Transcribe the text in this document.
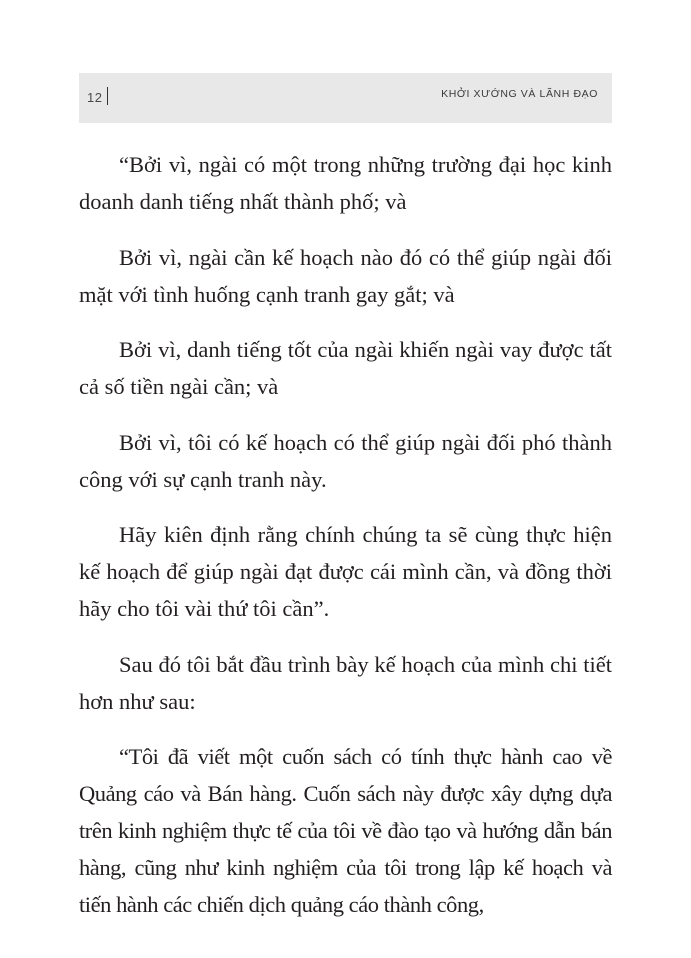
12	KHỞI XƯỚNG VÀ LÃNH ĐẠO

“Bởi vì, ngài có một trong những trường đại học kinh doanh danh tiếng nhất thành phố; và

Bởi vì, ngài cần kế hoạch nào đó có thể giúp ngài đối mặt với tình huống cạnh tranh gay gắt; và

Bởi vì, danh tiếng tốt của ngài khiến ngài vay được tất cả số tiền ngài cần; và

Bởi vì, tôi có kế hoạch có thể giúp ngài đối phó thành công với sự cạnh tranh này.

Hãy kiên định rằng chính chúng ta sẽ cùng thực hiện kế hoạch để giúp ngài đạt được cái mình cần, và đồng thời hãy cho tôi vài thứ tôi cần”.

Sau đó tôi bắt đầu trình bày kế hoạch của mình chi tiết hơn như sau:

“Tôi đã viết một cuốn sách có tính thực hành cao về Quảng cáo và Bán hàng. Cuốn sách này được xây dựng dựa trên kinh nghiệm thực tế của tôi về đào tạo và hướng dẫn bán hàng, cũng như kinh nghiệm của tôi trong lập kế hoạch và tiến hành các chiến dịch quảng cáo thành công,
